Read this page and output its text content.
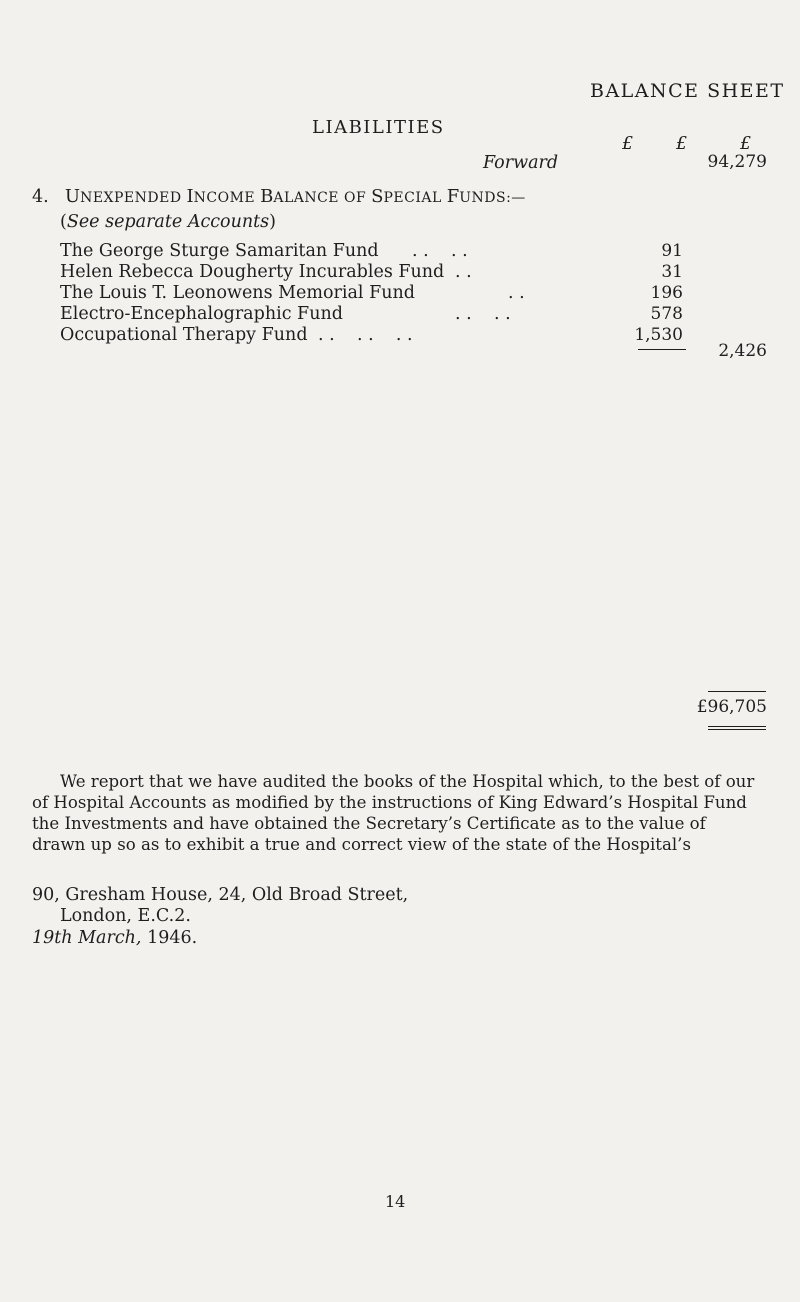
BALANCE SHEET
LIABILITIES
£ £	£
Forward	94,279
4. UNEXPENDED INCOME BALANCE OF SPECIAL FUNDS:—
(See separate Accounts)
The George Sturge Samaritan Fund . .    . .	91
Helen Rebecca Dougherty Incurables Fund . .	31
The Louis T. Leonowens Memorial Fund	. .	196
Electro-Encephalographic Fund	. .    . .	578
Occupational Therapy Fund . .    . .    . .	1,530
2,426
£96,705
We report that we have audited the books of the Hospital which, to the best of our
of Hospital Accounts as modified by the instructions of King Edward’s Hospital Fund
the Investments and have obtained the Secretary’s Certificate as to the value of
drawn up so as to exhibit a true and correct view of the state of the Hospital’s
90, Gresham House, 24, Old Broad Street,
London, E.C.2.
19th March, 1946.
14
